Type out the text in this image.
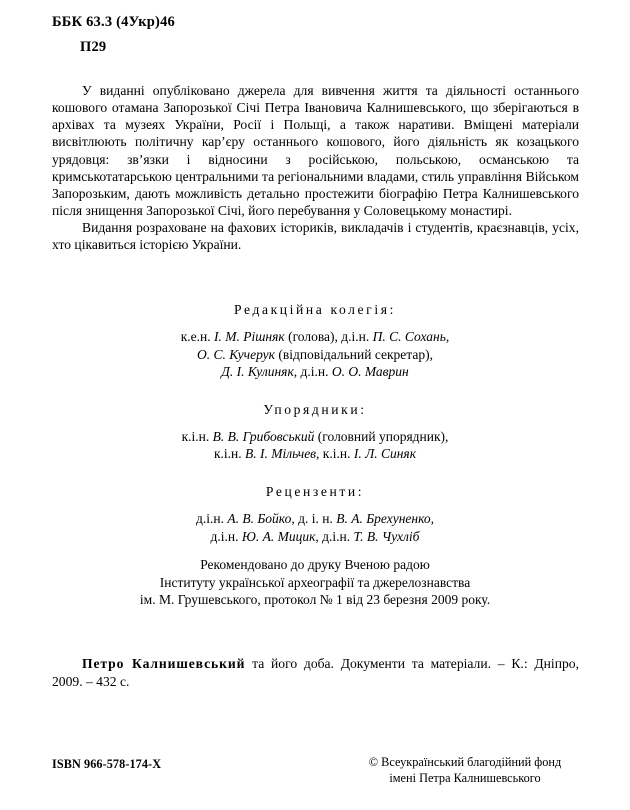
ББК 63.3 (4Укр)46
П29

У виданні опубліковано джерела для вивчення життя та діяльності останнього кошового отамана Запорозької Січі Петра Івановича Калнишевського, що зберігаються в архівах та музеях України, Росії і Польщі, а також наративи. Вміщені матеріали висвітлюють політичну кар’єру останнього кошового, його діяльність як козацького урядовця: зв’язки і відносини з російською, польською, османською та кримськотатарською центральними та регіональними владами, стиль управління Військом Запорозьким, дають можливість детально простежити біографію Петра Калнишевського після знищення Запорозької Січі, його перебування у Соловецькому монастирі.

Видання розраховане на фахових істориків, викладачів і студентів, краєзнавців, усіх, хто цікавиться історією України.

Редакційна колегія:
к.е.н. І. М. Рішняк (голова), д.і.н. П. С. Сохань,
О. С. Кучерук (відповідальний секретар),
Д. І. Кулиняк, д.і.н. О. О. Маврин
Упорядники:
к.і.н. В. В. Грибовський (головний упорядник),
к.і.н. В. І. Мільчев, к.і.н. І. Л. Синяк
Рецензенти:
д.і.н. А. В. Бойко, д. і. н. В. А. Брехуненко,
д.і.н. Ю. А. Мицик, д.і.н. Т. В. Чухліб
Рекомендовано до друку Вченою радою
Інституту української археографії та джерелознавства
ім. М. Грушевського, протокол № 1 від 23 березня 2009 року.

Петро Калнишевський та його доба. Документи та матеріали. – К.: Дніпро, 2009. – 432 с.

ISBN 966-578-174-X	© Всеукраїнський благодійний фонд
імені Петра Калнишевського
